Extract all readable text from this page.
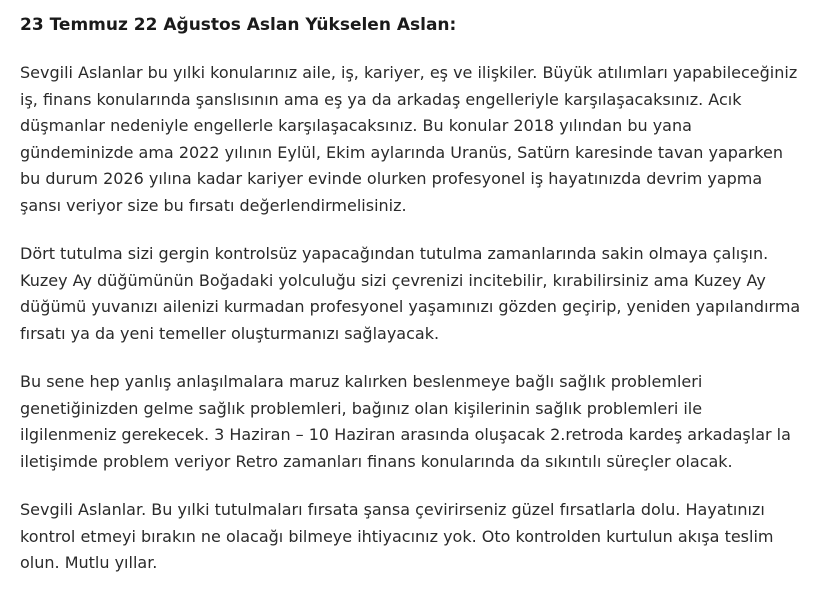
23 Temmuz 22 Ağustos Aslan Yükselen Aslan:

Sevgili Aslanlar bu yılki konularınız aile, iş, kariyer, eş ve ilişkiler. Büyük atılımları yapabileceğiniz
iş, finans konularında şanslısının ama eş ya da arkadaş engelleriyle karşılaşacaksınız. Acık
düşmanlar nedeniyle engellerle karşılaşacaksınız. Bu konular 2018 yılından bu yana
gündeminizde ama 2022 yılının Eylül, Ekim aylarında Uranüs, Satürn karesinde tavan yaparken
bu durum 2026 yılına kadar kariyer evinde olurken profesyonel iş hayatınızda devrim yapma
şansı veriyor size bu fırsatı değerlendirmelisiniz.

Dört tutulma sizi gergin kontrolsüz yapacağından tutulma zamanlarında sakin olmaya çalışın.
Kuzey Ay düğümünün Boğadaki yolculuğu sizi çevrenizi incitebilir, kırabilirsiniz ama Kuzey Ay
düğümü yuvanızı ailenizi kurmadan profesyonel yaşamınızı gözden geçirip, yeniden yapılandırma
fırsatı ya da yeni temeller oluşturmanızı sağlayacak.

Bu sene hep yanlış anlaşılmalara maruz kalırken beslenmeye bağlı sağlık problemleri
genetiğinizden gelme sağlık problemleri, bağınız olan kişilerinin sağlık problemleri ile
ilgilenmeniz gerekecek. 3 Haziran – 10 Haziran arasında oluşacak 2.retroda kardeş arkadaşlar la
iletişimde problem veriyor Retro zamanları finans konularında da sıkıntılı süreçler olacak.

Sevgili Aslanlar. Bu yılki tutulmaları fırsata şansa çevirirseniz güzel fırsatlarla dolu. Hayatınızı
kontrol etmeyi bırakın ne olacağı bilmeye ihtiyacınız yok. Oto kontrolden kurtulun akışa teslim
olun. Mutlu yıllar.
